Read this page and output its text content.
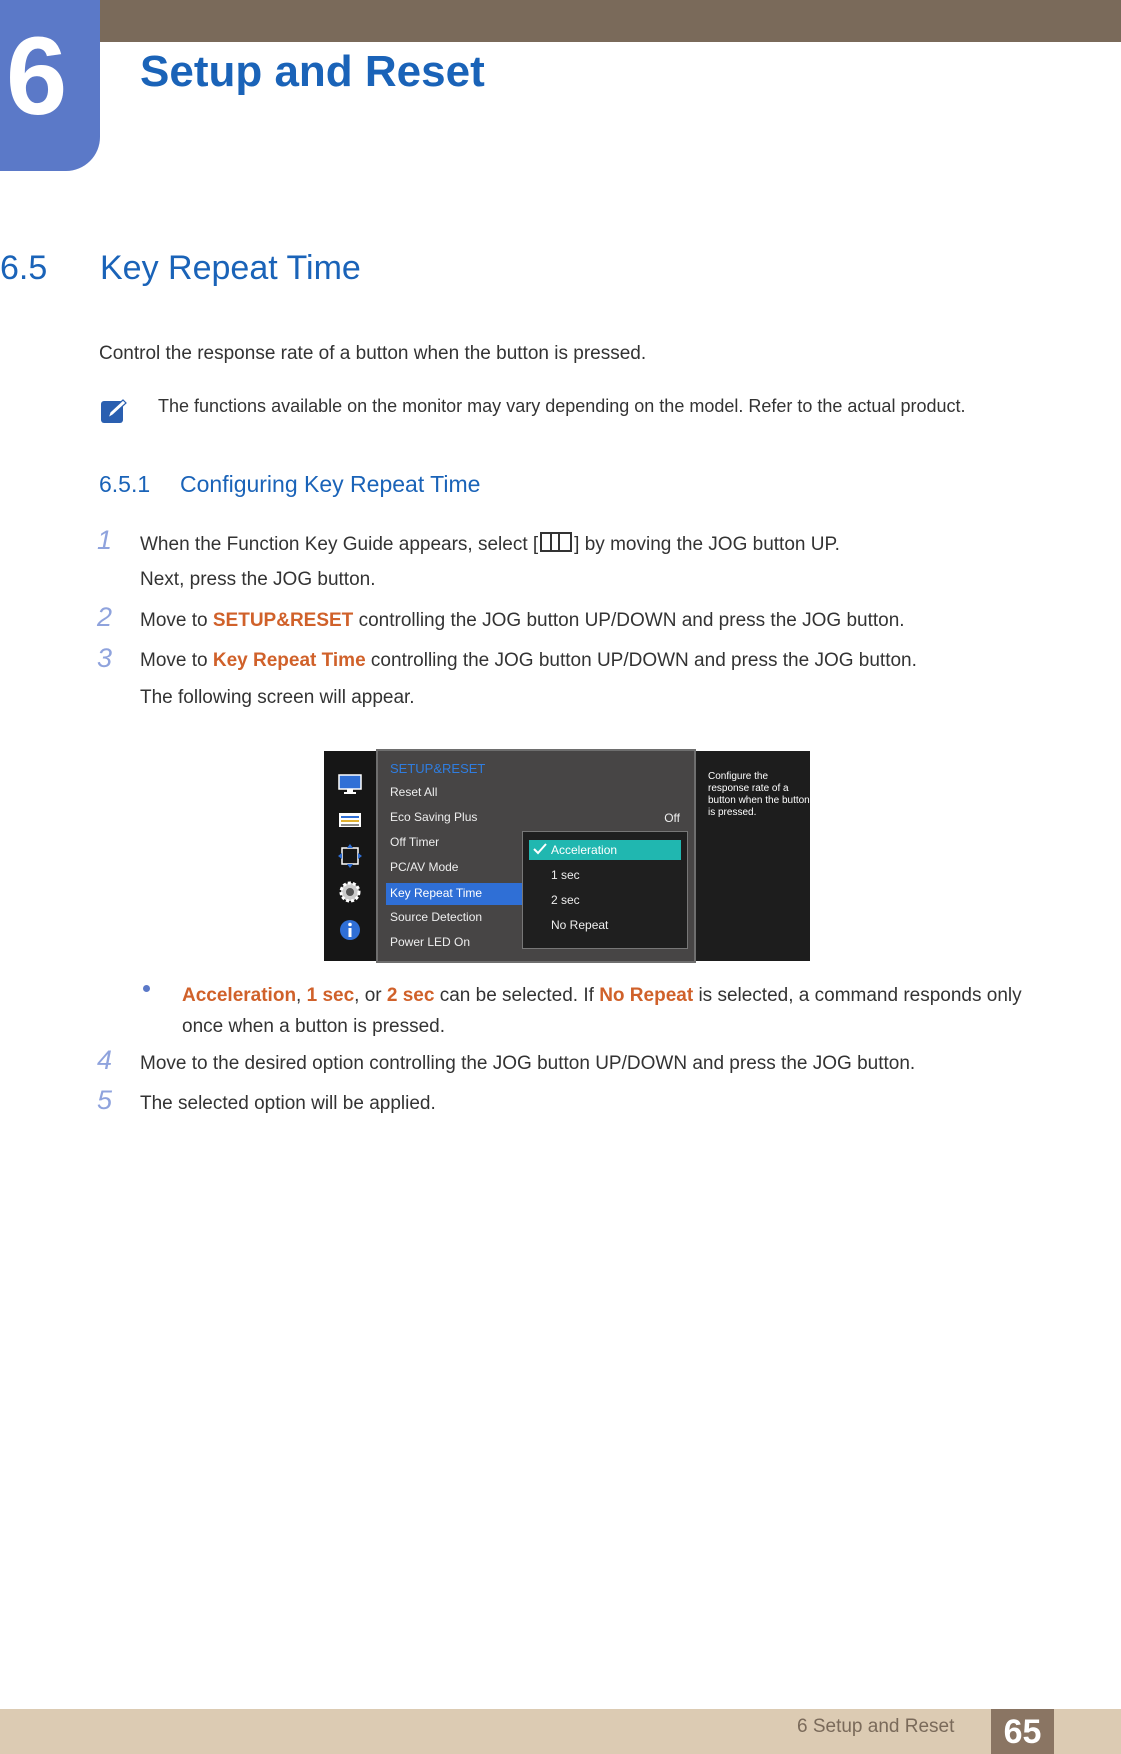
6 Setup and Reset
6.5 Key Repeat Time
Control the response rate of a button when the button is pressed.
The functions available on the monitor may vary depending on the model. Refer to the actual product.
6.5.1 Configuring Key Repeat Time
1 When the Function Key Guide appears, select [ ] by moving the JOG button UP.
Next, press the JOG button.
2 Move to SETUP&RESET controlling the JOG button UP/DOWN and press the JOG button.
3 Move to Key Repeat Time controlling the JOG button UP/DOWN and press the JOG button.
The following screen will appear.
SETUP&RESET
Reset All
Eco Saving Plus	Off
Off Timer
PC/AV Mode
Key Repeat Time
Source Detection
Power LED On
Acceleration
1 sec
2 sec
No Repeat
Configure the response rate of a button when the button is pressed.
Acceleration, 1 sec, or 2 sec can be selected. If No Repeat is selected, a command responds only once when a button is pressed.
4 Move to the desired option controlling the JOG button UP/DOWN and press the JOG button.
5 The selected option will be applied.
6 Setup and Reset	65
